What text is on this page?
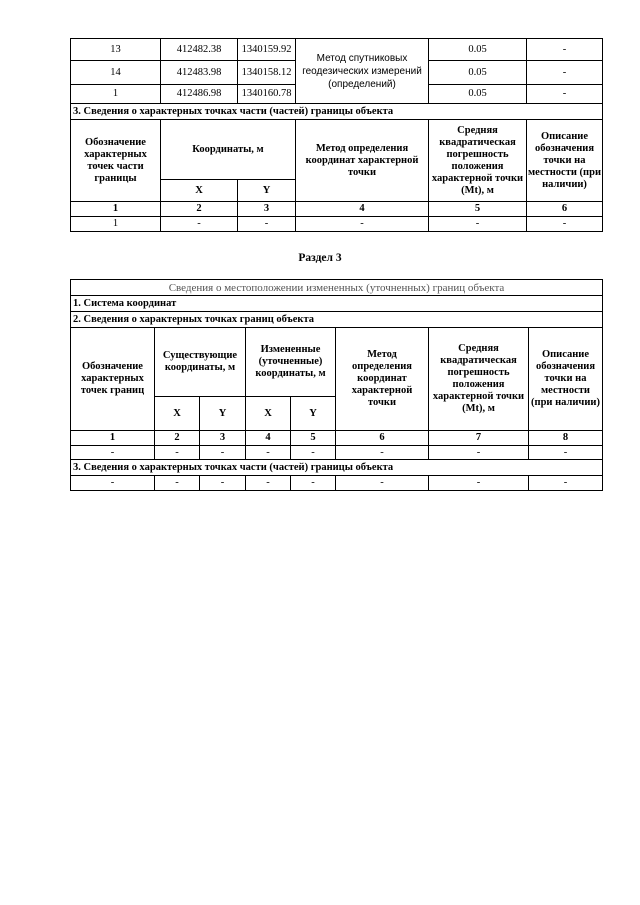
13	412482.38	1340159.92	Метод спутниковых геодезических измерений (определений)	0.05	-
14	412483.98	1340158.12		0.05	-
1	412486.98	1340160.78		0.05	-
3. Сведения о характерных точках части (частей) границы объекта					
Обозначение характерных точек части границы	Координаты, м		Метод определения координат характерной точки	Средняя квадратическая погрешность положения характерной точки (Mt), м	Описание обозначения точки на местности (при наличии)
	X	Y			
1	2	3	4	5	6
1	-	-	-	-	-
Раздел 3
Сведения о местоположении измененных (уточненных) границ объекта							
1. Система координат							
2. Сведения о характерных точках границ объекта							
Обозначение характерных точек границ	Существующие координаты, м		Измененные (уточненные) координаты, м		Метод определения координат характерной точки	Средняя квадратическая погрешность положения характерной точки (Mt), м	Описание обозначения точки на местности (при наличии)
	X	Y	X	Y			
1	2	3	4	5	6	7	8
-	-	-	-	-	-	-	-
3. Сведения о характерных точках части (частей) границы объекта							
-	-	-	-	-	-	-	-
